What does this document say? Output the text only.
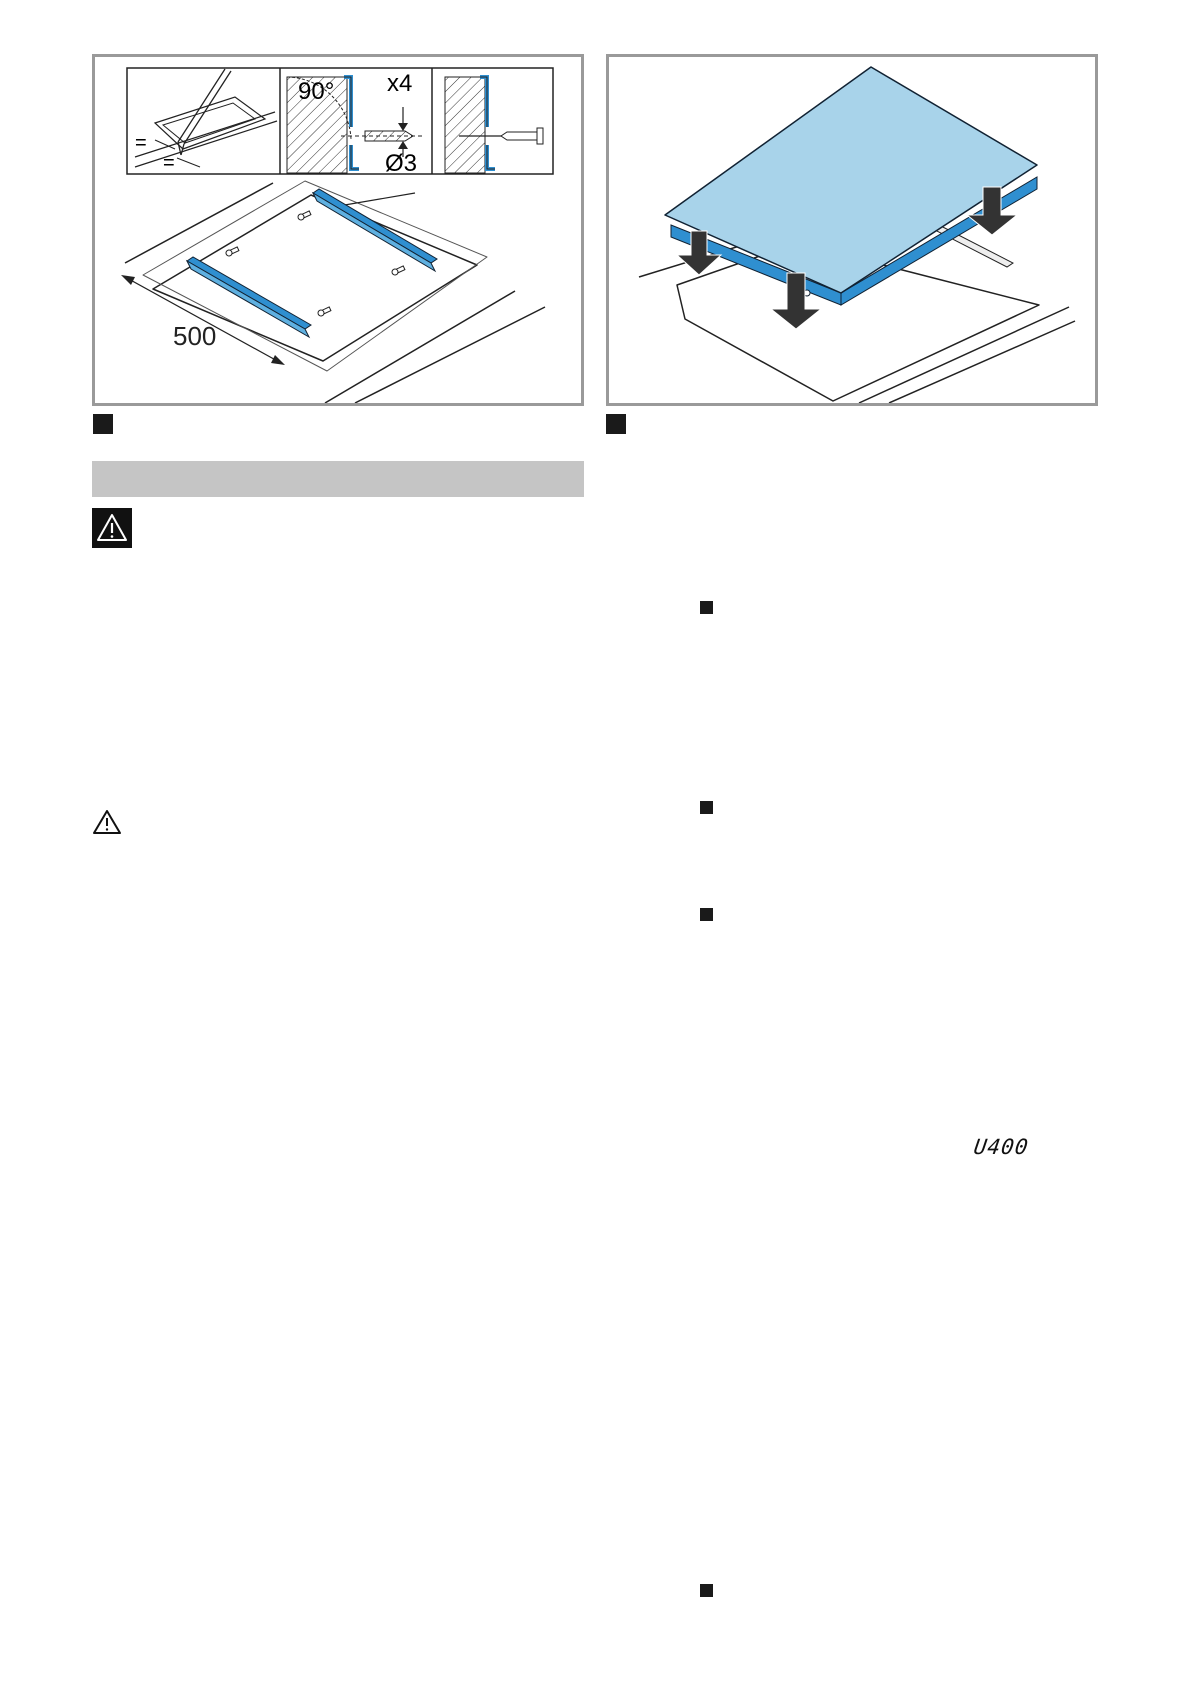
=
=
90° x4
Ø3
500
U400
